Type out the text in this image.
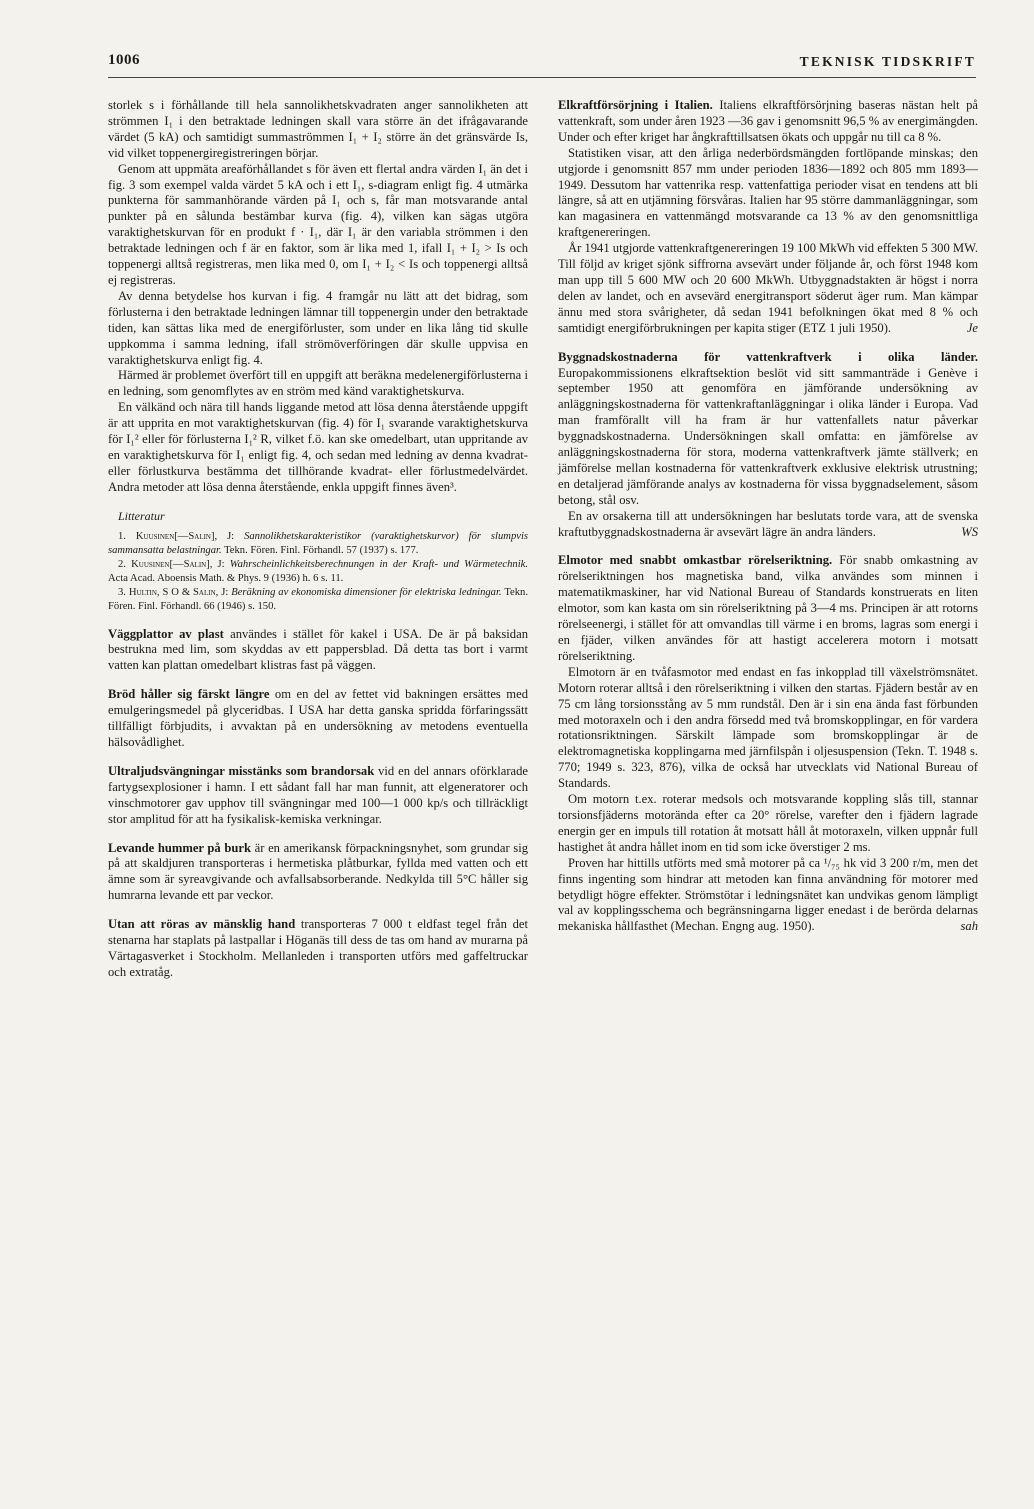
1006	TEKNISK TIDSKRIFT

storlek s i förhållande till hela sannolikhetskvadraten anger sannolikheten att strömmen I₁ i den betraktade ledningen skall vara större än det ifrågavarande värdet (5 kA) och samtidigt summaströmmen I₁ + I₂ större än det gränsvärde Is, vid vilket toppenergiregistreringen börjar.

Genom att uppmäta areaförhållandet s för även ett flertal andra värden I₁ än det i fig. 3 som exempel valda värdet 5 kA och i ett I₁, s-diagram enligt fig. 4 utmärka punkterna för sammanhörande värden på I₁ och s, får man motsvarande antal punkter på en sålunda bestämbar kurva (fig. 4), vilken kan sägas utgöra varaktighetskurvan för en produkt f · I₁, där I₁ är den variabla strömmen i den betraktade ledningen och f är en faktor, som är lika med 1, ifall I₁ + I₂ > Is och toppenergi alltså registreras, men lika med 0, om I₁ + I₂ < Is och toppenergi alltså ej registreras.

Av denna betydelse hos kurvan i fig. 4 framgår nu lätt att det bidrag, som förlusterna i den betraktade ledningen lämnar till toppenergin under den betraktade tiden, kan sättas lika med de energiförluster, som under en lika lång tid skulle uppkomma i samma ledning, ifall strömöverföringen där skulle uppvisa en varaktighetskurva enligt fig. 4.

Härmed är problemet överfört till en uppgift att beräkna medelenergiförlusterna i en ledning, som genomflytes av en ström med känd varaktighetskurva.

En välkänd och nära till hands liggande metod att lösa denna återstående uppgift är att uppritа en mot varaktighetskurvan (fig. 4) för I₁ svarande varaktighetskurva för I₁² eller för förlusterna I₁² R, vilket f.ö. kan ske omedelbart, utan uppritande av en varaktighetskurva för I₁ enligt fig. 4, och sedan med ledning av denna kvadrat- eller förlustkurva bestämma det tillhörande kvadrat- eller förlustmedelvärdet. Andra metoder att lösa denna återstående, enkla uppgift finnes även³.

Litteratur

1. Kuusinen[—Salin], J: Sannolikhetskarakteristikor (varaktighetskurvor) för slumpvis sammansatta belastningar. Tekn. Fören. Finl. Förhandl. 57 (1937) s. 177.

2. Kuusinen[—Salin], J: Wahrscheinlichkeitsberechnungen in der Kraft- und Wärmetechnik. Acta Acad. Aboensis Math. & Phys. 9 (1936) h. 6 s. 11.

3. Hultin, S O & Salin, J: Beräkning av ekonomiska dimensioner för elektriska ledningar. Tekn. Fören. Finl. Förhandl. 66 (1946) s. 150.

Väggplattor av plast användes i stället för kakel i USA. De är på baksidan bestrukna med lim, som skyddas av ett pappersblad. Då detta tas bort i varmt vatten kan plattan omedelbart klistras fast på väggen.

Bröd håller sig färskt längre om en del av fettet vid bakningen ersättes med emulgeringsmedel på glyceridbas. I USA har detta ganska spridda förfaringssätt tillfälligt förbjudits, i avvaktan på en undersökning av metodens eventuella hälsovådlighet.

Ultraljudsvängningar misstänks som brandorsak vid en del annars oförklarade fartygsexplosioner i hamn. I ett sådant fall har man funnit, att elgeneratorer och vinschmotorer gav upphov till svängningar med 100—1 000 kp/s och tillräckligt stor amplitud för att ha fysikalisk-kemiska verkningar.

Levande hummer på burk är en amerikansk förpackningsnyhet, som grundar sig på att skaldjuren transporteras i hermetiska plåtburkar, fyllda med vatten och ett ämne som är syreavgivande och avfallsabsorberande. Nedkylda till 5°C håller sig humrarna levande ett par veckor.

Utan att röras av mänsklig hand transporteras 7 000 t eldfast tegel från det stenarna har staplats på lastpallar i Höganäs till dess de tas om hand av murarna på Värtagasverket i Stockholm. Mellanleden i transporten utförs med gaffeltruckar och extratåg.

Elkraftförsörjning i Italien. Italiens elkraftförsörjning baseras nästan helt på vattenkraft, som under åren 1923 —36 gav i genomsnitt 96,5 % av energimängden. Under och efter kriget har ångkrafttillsatsen ökats och uppgår nu till ca 8 %.

Statistiken visar, att den årliga nederbördsmängden fortlöpande minskas; den utgjorde i genomsnitt 857 mm under perioden 1836—1892 och 805 mm 1893—1949. Dessutom har vattenrika resp. vattenfattiga perioder visat en tendens att bli längre, så att en utjämning försvåras. Italien har 95 större dammanläggningar, som kan magasinera en vattenmängd motsvarande ca 13 % av den genomsnittliga kraftgenereringen.

År 1941 utgjorde vattenkraftgenereringen 19 100 MkWh vid effekten 5 300 MW. Till följd av kriget sjönk siffrorna avsevärt under följande år, och först 1948 kom man upp till 5 600 MW och 20 600 MkWh. Utbyggnadstakten är högst i norra delen av landet, och en avsevärd energitransport söderut äger rum. Man kämpar ännu med stora svårigheter, då sedan 1941 befolkningen ökat med 8 % och samtidigt energiförbrukningen per kapita stiger (ETZ 1 juli 1950).	Je

Byggnadskostnaderna för vattenkraftverk i olika länder. Europakommissionens elkraftsektion beslöt vid sitt sammanträde i Genève i september 1950 att genomföra en jämförande undersökning av anläggningskostnaderna för vattenkraftanläggningar i olika länder i Europa. Vad man framförallt vill ha fram är hur vattenfallets natur påverkar byggnadskostnaderna. Undersökningen skall omfatta: en jämförelse av anläggningskostnaderna för stora, moderna vattenkraftverk jämte ställverk; en jämförelse mellan kostnaderna för vattenkraftverk exklusive elektrisk utrustning; en detaljerad jämförande analys av kostnaderna för vissa byggnadselement, såsom betong, stål osv.

En av orsakerna till att undersökningen har beslutats torde vara, att de svenska kraftutbyggnadskostnaderna är avsevärt lägre än andra länders.	WS

Elmotor med snabbt omkastbar rörelseriktning. För snabb omkastning av rörelseriktningen hos magnetiska band, vilka användes som minnen i matematikmaskiner, har vid National Bureau of Standards konstruerats en liten elmotor, som kan kasta om sin rörelseriktning på 3—4 ms. Principen är att rotorns rörelseenergi, i stället för att omvandlas till värme i en broms, lagras som energi i en fjäder, vilken användes för att hastigt accelerera motorn i motsatt rörelseriktning.

Elmotorn är en tvåfasmotor med endast en fas inkopplad till växelströmsnätet. Motorn roterar alltså i den rörelseriktning i vilken den startas. Fjädern består av en 75 cm lång torsionsstång av 5 mm rundstål. Den är i sin ena ända fast förbunden med motoraxeln och i den andra försedd med två bromskopplingar, en för vardera rotationsriktningen. Särskilt lämpade som bromskopplingar är de elektromagnetiska kopplingarna med järnfilspån i oljesuspension (Tekn. T. 1948 s. 770; 1949 s. 323, 876), vilka de också har utvecklats vid National Bureau of Standards.

Om motorn t.ex. roterar medsols och motsvarande koppling slås till, stannar torsionsfjäderns motorända efter ca 20° rörelse, varefter den i fjädern lagrade energin ger en impuls till rotation åt motsatt håll åt motoraxeln, vilken uppnår full hastighet åt andra hållet inom en tid som icke överstiger 2 ms.

Proven har hittills utförts med små motorer på ca ¹/₇₅ hk vid 3 200 r/m, men det finns ingenting som hindrar att metoden kan finna användning för motorer med betydligt högre effekter. Strömstötar i ledningsnätet kan undvikas genom lämpligt val av kopplingsschema och begränsningarna ligger enedast i de berörda delarnas mekaniska hållfasthet (Mechan. Engng aug. 1950).	sah
